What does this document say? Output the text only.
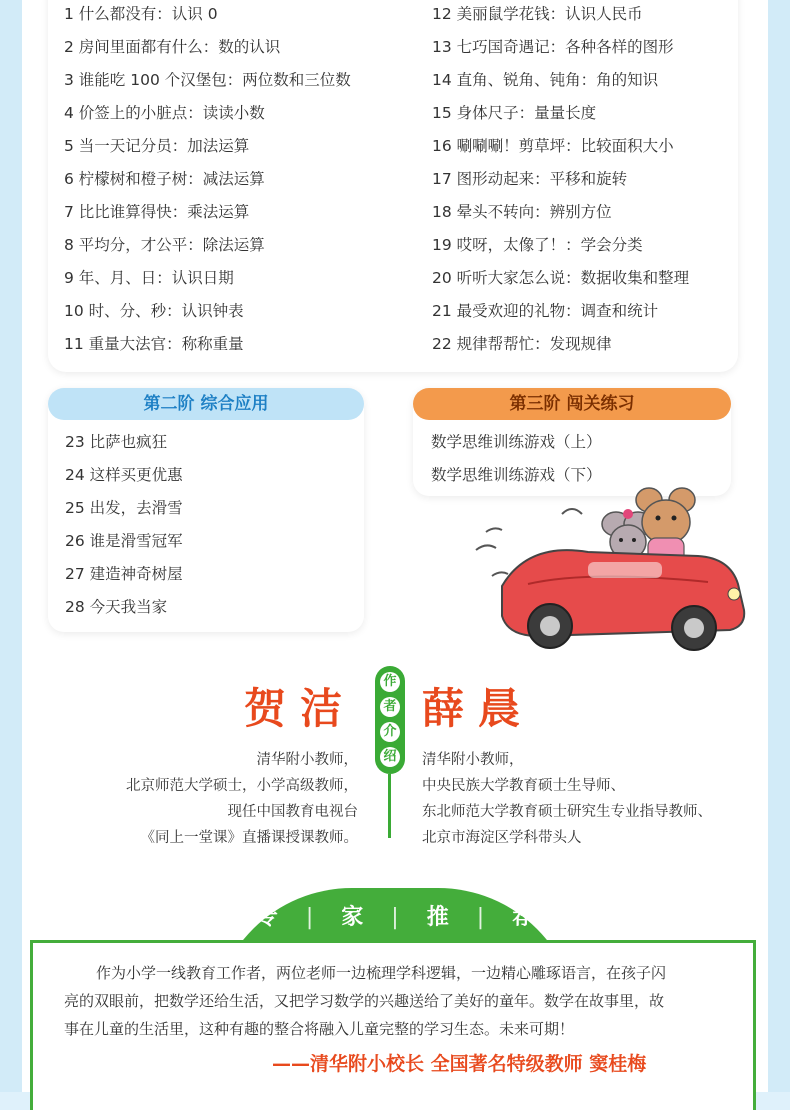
1 什么都没有：认识 0
2 房间里面都有什么：数的认识
3 谁能吃 100 个汉堡包：两位数和三位数
4 价签上的小脏点：读读小数
5 当一天记分员：加法运算
6 柠檬树和橙子树：减法运算
7 比比谁算得快：乘法运算
8 平均分，才公平：除法运算
9 年、月、日：认识日期
10 时、分、秒：认识钟表
11 重量大法官：称称重量
12 美丽鼠学花钱：认识人民币
13 七巧国奇遇记：各种各样的图形
14 直角、锐角、钝角：角的知识
15 身体尺子：量量长度
16 唰唰唰！剪草坪：比较面积大小
17 图形动起来：平移和旋转
18 晕头不转向：辨别方位
19 哎呀，太像了！：学会分类
20 听听大家怎么说：数据收集和整理
21 最受欢迎的礼物：调查和统计
22 规律帮帮忙：发现规律
第二阶 综合应用
23 比萨也疯狂
24 这样买更优惠
25 出发，去滑雪
26 谁是滑雪冠军
27 建造神奇树屋
28 今天我当家
第三阶 闯关练习
数学思维训练游戏（上）
数学思维训练游戏（下）
贺洁 薛晨
作
者
介
绍
清华附小教师，
北京师范大学硕士，小学高级教师，
现任中国教育电视台
《同上一堂课》直播课授课教师。
清华附小教师，
中央民族大学教育硕士生导师、
东北师范大学教育硕士研究生专业指导教师、
北京市海淀区学科带头人
专 | 家 | 推 | 荐
作为小学一线教育工作者，两位老师一边梳理学科逻辑，一边精心雕琢语言，在孩子闪
亮的双眼前，把数学还给生活，又把学习数学的兴趣送给了美好的童年。数学在故事里，故
事在儿童的生活里，这种有趣的整合将融入儿童完整的学习生态。未来可期！
——清华附小校长 全国著名特级教师 窦桂梅
